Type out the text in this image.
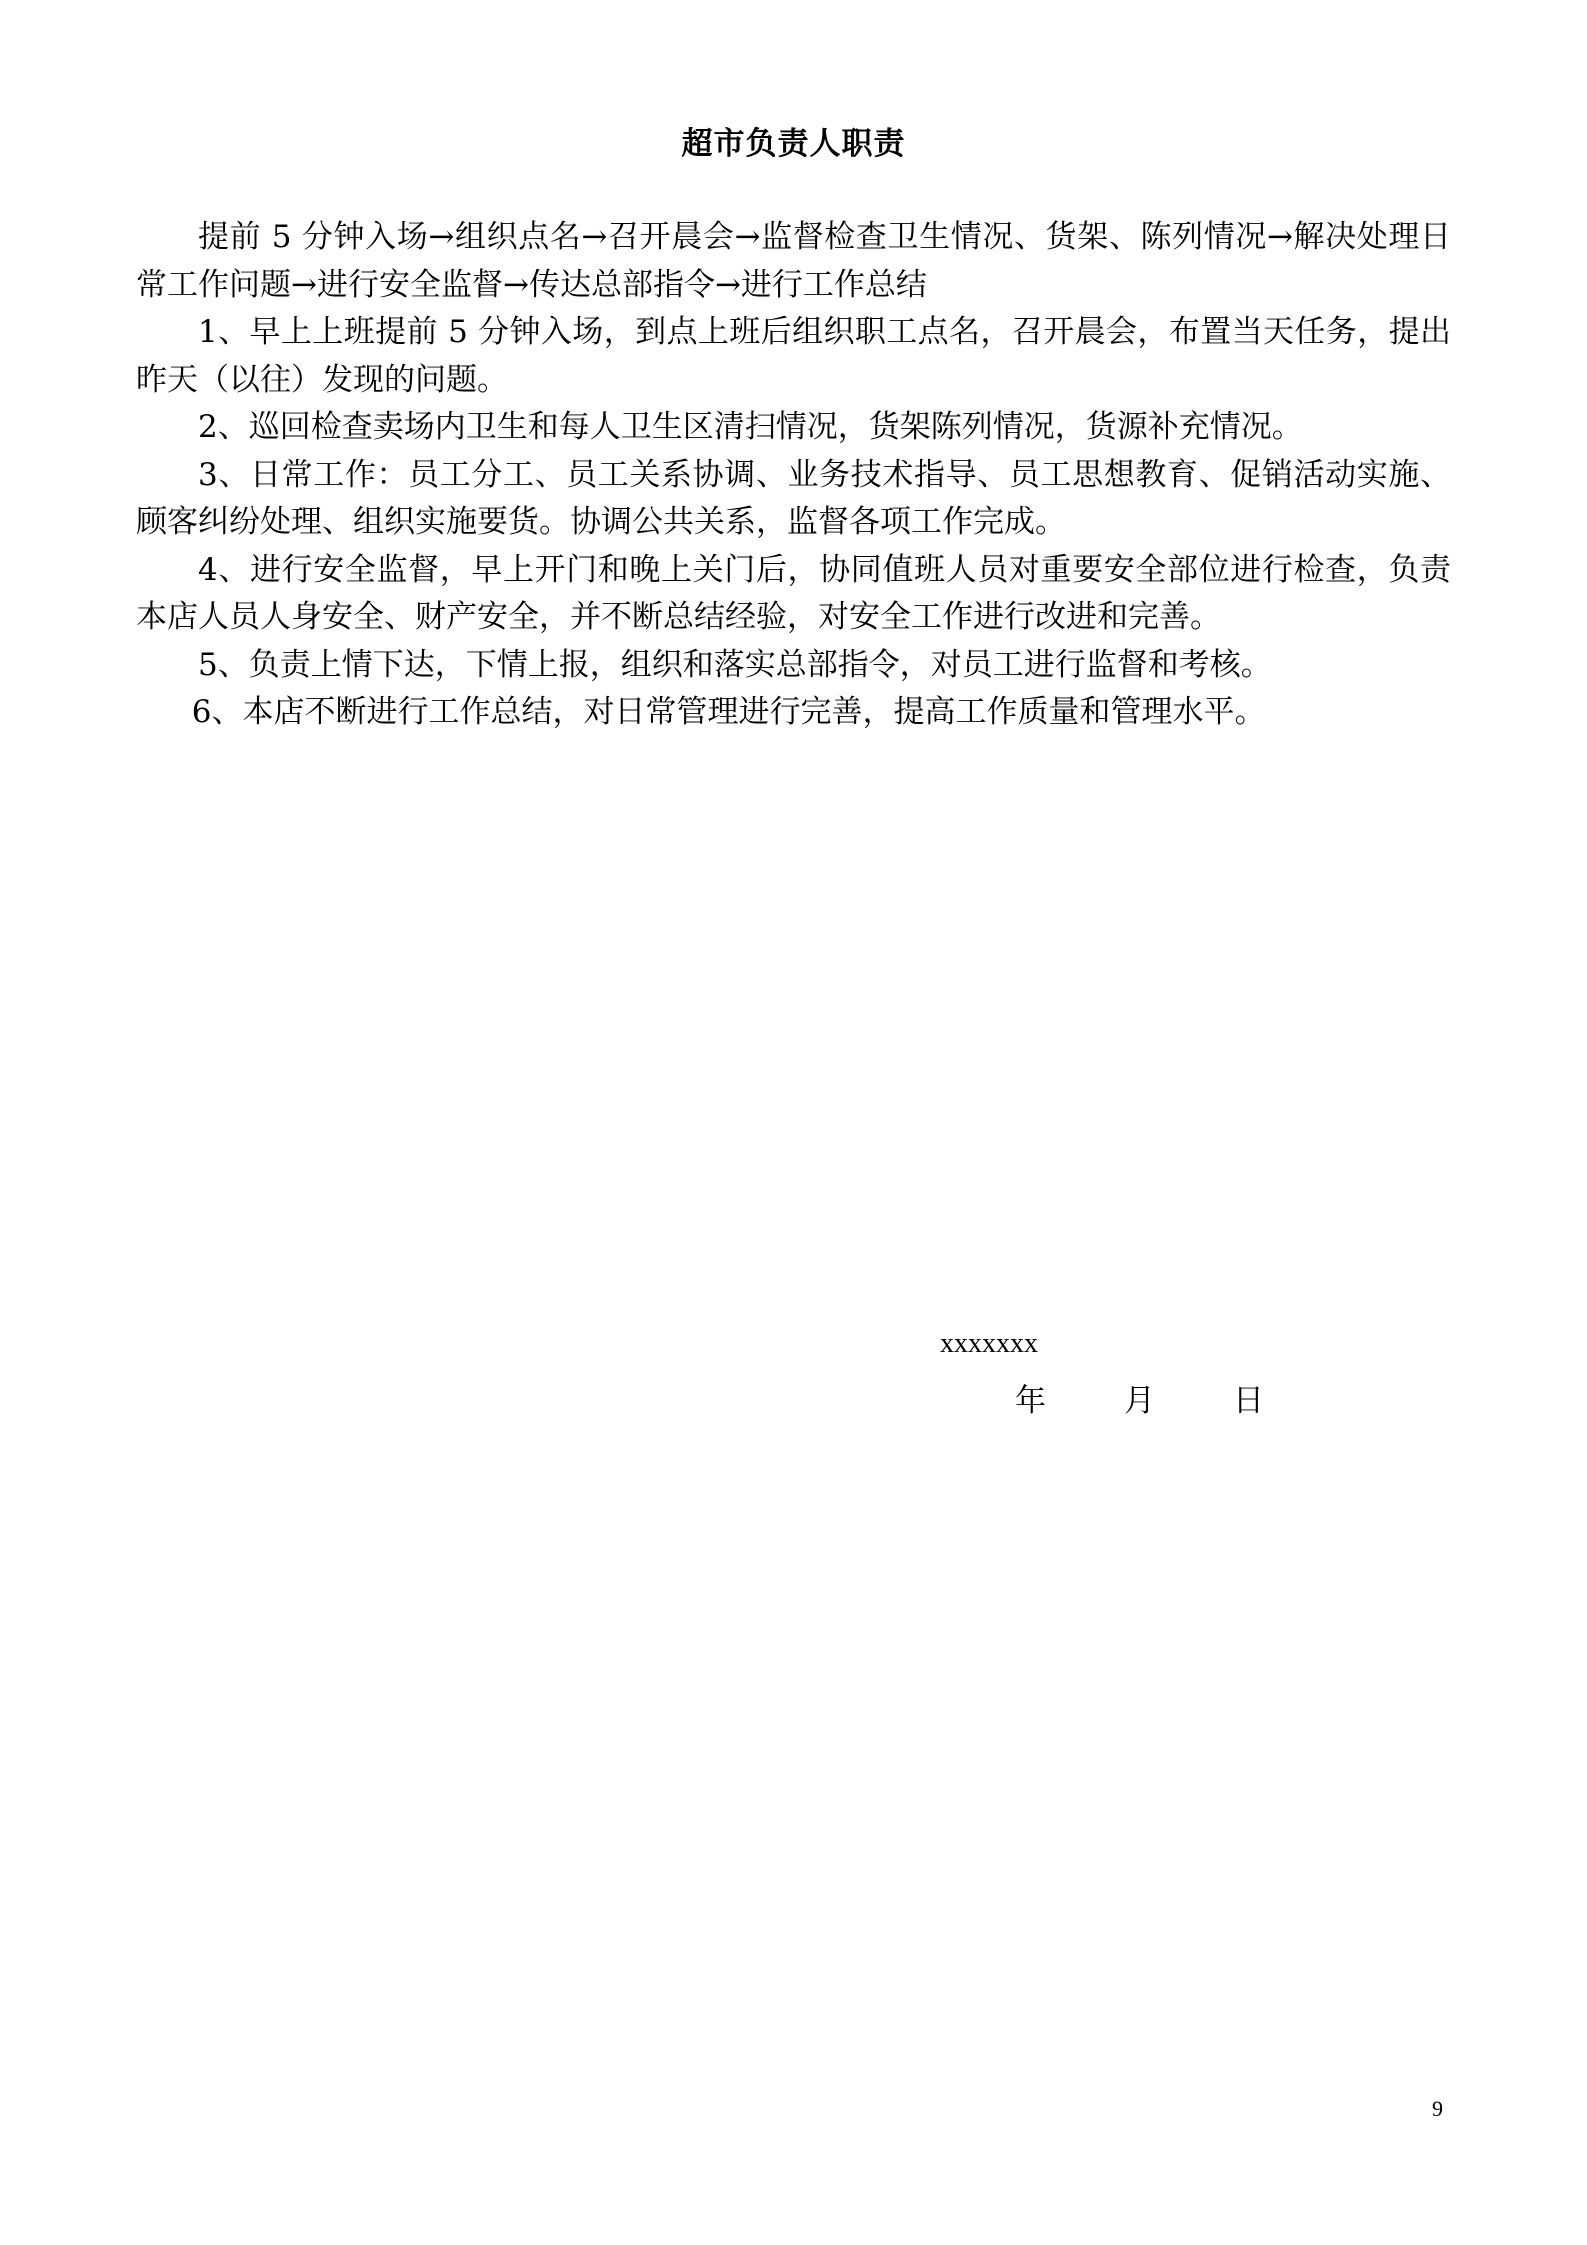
超市负责人职责

提前 5 分钟入场→组织点名→召开晨会→监督检查卫生情况、货架、陈列情况→解决处理日常工作问题→进行安全监督→传达总部指令→进行工作总结

1、早上上班提前 5 分钟入场，到点上班后组织职工点名，召开晨会，布置当天任务，提出昨天（以往）发现的问题。

2、巡回检查卖场内卫生和每人卫生区清扫情况，货架陈列情况，货源补充情况。

3、日常工作：员工分工、员工关系协调、业务技术指导、员工思想教育、促销活动实施、顾客纠纷处理、组织实施要货。协调公共关系，监督各项工作完成。

4、进行安全监督，早上开门和晚上关门后，协同值班人员对重要安全部位进行检查，负责本店人员人身安全、财产安全，并不断总结经验，对安全工作进行改进和完善。

5、负责上情下达，下情上报，组织和落实总部指令，对员工进行监督和考核。

6、本店不断进行工作总结，对日常管理进行完善，提高工作质量和管理水平。

xxxxxxx
年	月	日
9
